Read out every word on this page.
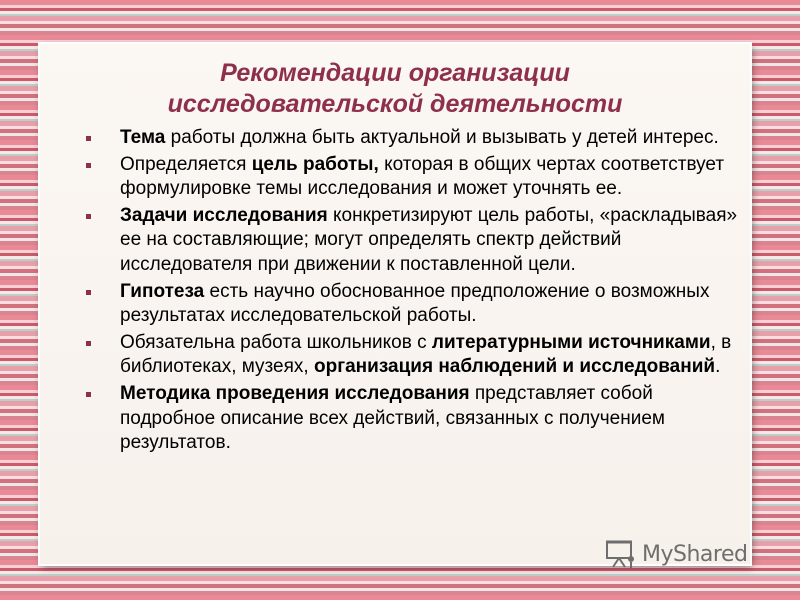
Рекомендации организации
исследовательской деятельности
Тема работы должна быть актуальной и вызывать у детей интерес.
Определяется цель работы, которая в общих чертах соответствует формулировке темы исследования и может уточнять ее.
Задачи исследования конкретизируют цель работы, «раскладывая» ее на составляющие; могут определять спектр действий исследователя при движении к поставленной цели.
Гипотеза есть научно обоснованное предположение о возможных результатах исследовательской работы.
Обязательна работа школьников с литературными источниками, в библиотеках, музеях, организация наблюдений и исследований.
Методика проведения исследования представляет собой подробное описание всех действий, связанных с получением результатов.
MyShared
